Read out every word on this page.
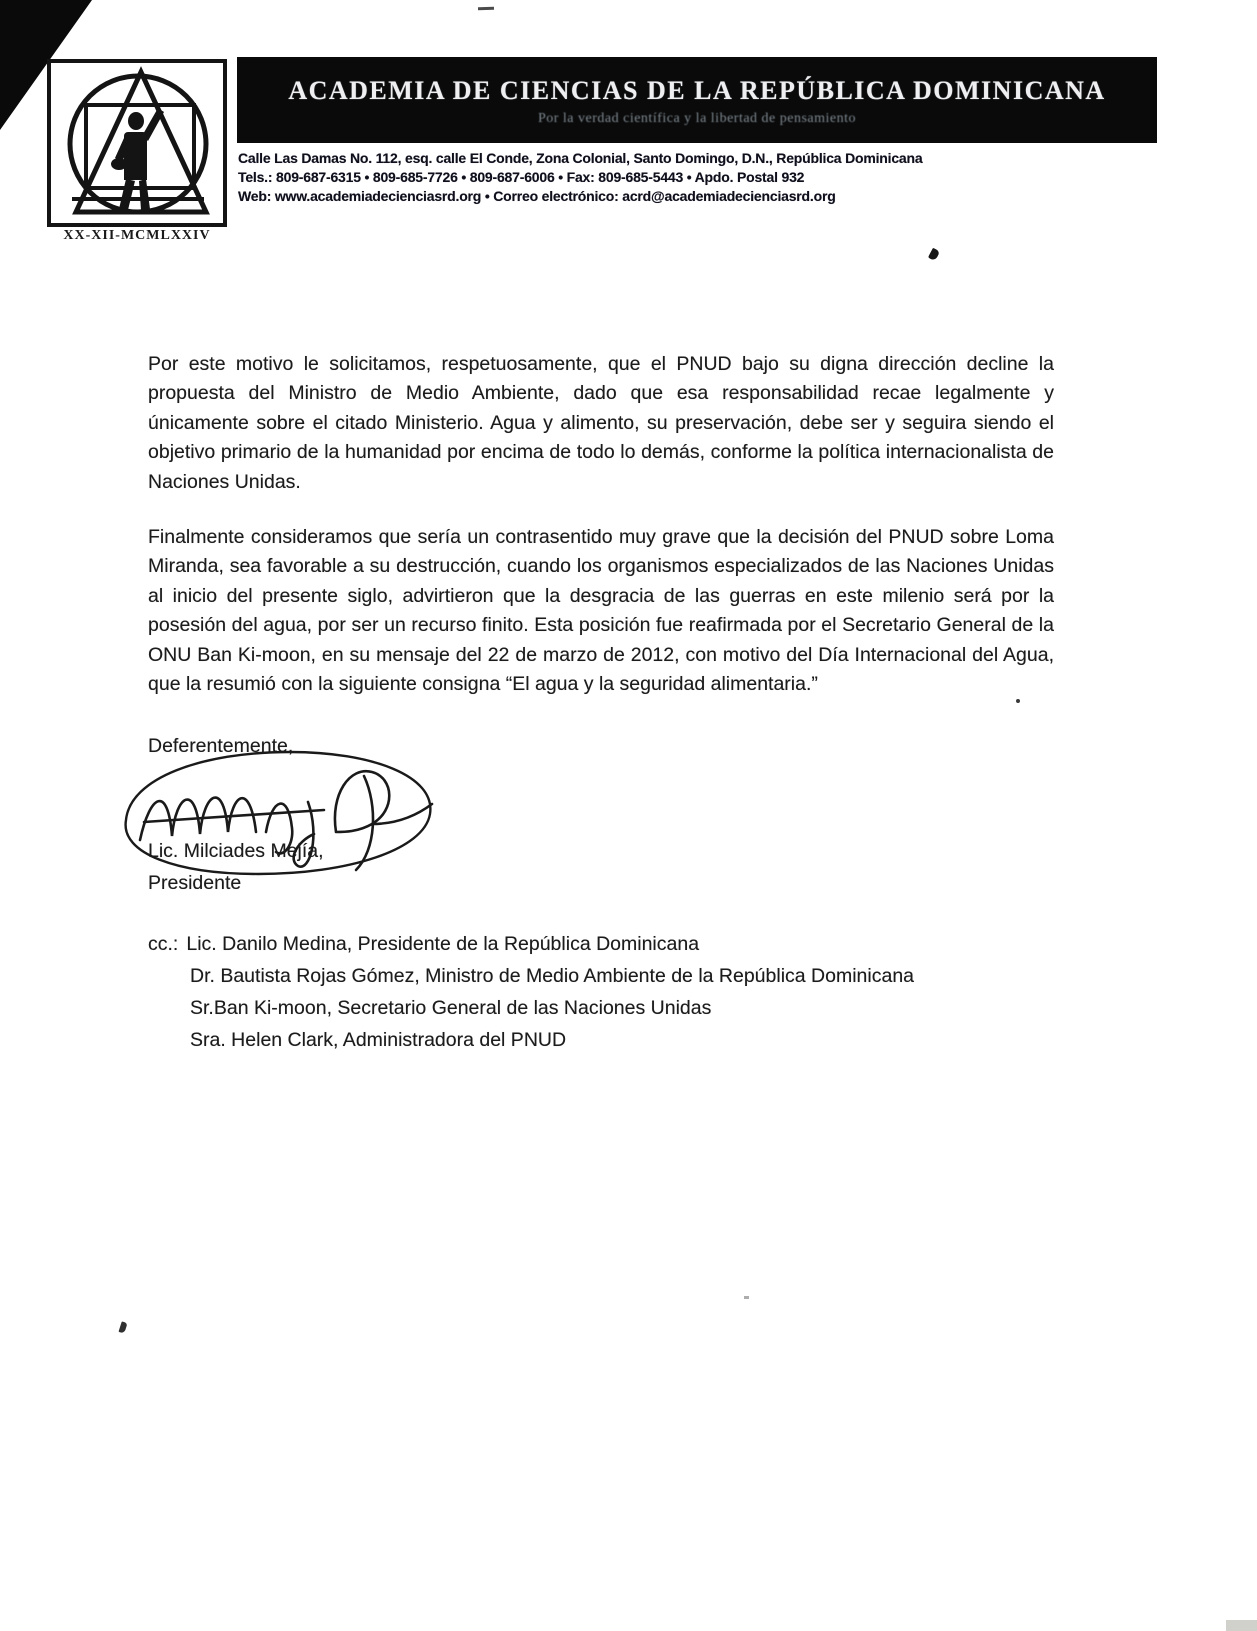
XX-XII-MCMLXXIV
ACADEMIA DE CIENCIAS DE LA REPÚBLICA DOMINICANA
Por la verdad científica y la libertad de pensamiento
Calle Las Damas No. 112, esq. calle El Conde, Zona Colonial, Santo Domingo, D.N., República Dominicana
Tels.: 809-687-6315 • 809-685-7726 • 809-687-6006 • Fax: 809-685-5443 • Apdo. Postal 932
Web: www.academiadecienciasrd.org • Correo electrónico: acrd@academiadecienciasrd.org

Por este motivo le solicitamos, respetuosamente, que el PNUD bajo su digna dirección decline la propuesta del Ministro de Medio Ambiente, dado que esa responsabilidad recae legalmente y únicamente sobre el citado Ministerio. Agua y alimento, su preservación, debe ser y seguira siendo el objetivo primario de la humanidad por encima de todo lo demás, conforme la política internacionalista de Naciones Unidas.

Finalmente consideramos que sería un contrasentido muy grave que la decisión del PNUD sobre Loma Miranda, sea favorable a su destrucción, cuando los organismos especializados de las Naciones Unidas al inicio del presente siglo, advirtieron que la desgracia de las guerras en este milenio será por la posesión del agua, por ser un recurso finito. Esta posición fue reafirmada por el Secretario General de la ONU Ban Ki-moon, en su mensaje del 22 de marzo de 2012, con motivo del Día Internacional del Agua, que la resumió con la siguiente consigna “El agua y la seguridad alimentaria.”

Deferentemente,
Lic. Milciades Mejía,
Presidente
cc.: Lic. Danilo Medina, Presidente de la República Dominicana
Dr. Bautista Rojas Gómez, Ministro de Medio Ambiente de la República Dominicana
Sr.Ban Ki-moon, Secretario General de las Naciones Unidas
Sra. Helen Clark, Administradora del PNUD
